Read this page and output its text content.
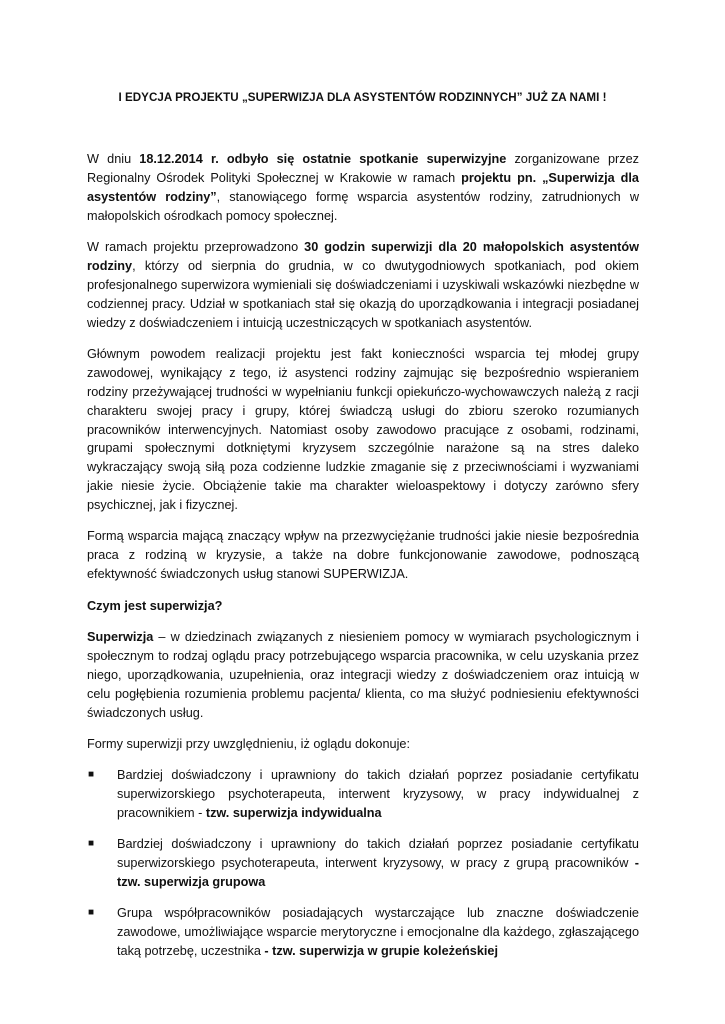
I EDYCJA PROJEKTU „SUPERWIZJA DLA ASYSTENTÓW RODZINNYCH” JUŻ ZA NAMI !

W dniu 18.12.2014 r. odbyło się ostatnie spotkanie superwizyjne zorganizowane przez Regionalny Ośrodek Polityki Społecznej w Krakowie w ramach projektu pn. „Superwizja dla asystentów rodziny”, stanowiącego formę wsparcia asystentów rodziny, zatrudnionych w małopolskich ośrodkach pomocy społecznej.

W ramach projektu przeprowadzono 30 godzin superwizji dla 20 małopolskich asystentów rodziny, którzy od sierpnia do grudnia, w co dwutygodniowych spotkaniach, pod okiem profesjonalnego superwizora wymieniali się doświadczeniami i uzyskiwali wskazówki niezbędne w codziennej pracy. Udział w spotkaniach stał się okazją do uporządkowania i integracji posiadanej wiedzy z doświadczeniem i intuicją uczestniczących w spotkaniach asystentów.

Głównym powodem realizacji projektu jest fakt konieczności wsparcia tej młodej grupy zawodowej, wynikający z tego, iż asystenci rodziny zajmując się bezpośrednio wspieraniem rodziny przeżywającej trudności w wypełnianiu funkcji opiekuńczo-wychowawczych należą z racji charakteru swojej pracy i grupy, której świadczą usługi do zbioru szeroko rozumianych pracowników interwencyjnych. Natomiast osoby zawodowo pracujące z osobami, rodzinami, grupami społecznymi dotkniętymi kryzysem szczególnie narażone są na stres daleko wykraczający swoją siłą poza codzienne ludzkie zmaganie się z przeciwnościami i wyzwaniami jakie niesie życie. Obciążenie takie ma charakter wieloaspektowy i dotyczy zarówno sfery psychicznej, jak i fizycznej.

Formą wsparcia mającą znaczący wpływ na przezwyciężanie trudności jakie niesie bezpośrednia praca z rodziną w kryzysie, a także na dobre funkcjonowanie zawodowe, podnoszącą efektywność świadczonych usług stanowi SUPERWIZJA.

Czym jest superwizja?

Superwizja – w dziedzinach związanych z niesieniem pomocy w wymiarach psychologicznym i społecznym to rodzaj oglądu pracy potrzebującego wsparcia pracownika, w celu uzyskania przez niego, uporządkowania, uzupełnienia, oraz integracji wiedzy z doświadczeniem oraz intuicją w celu pogłębienia rozumienia problemu pacjenta/ klienta, co ma służyć podniesieniu efektywności świadczonych usług.

Formy superwizji przy uwzględnieniu, iż oglądu dokonuje:

■ Bardziej doświadczony i uprawniony do takich działań poprzez posiadanie certyfikatu superwizorskiego psychoterapeuta, interwent kryzysowy, w pracy indywidualnej z pracownikiem - tzw. superwizja indywidualna
■ Bardziej doświadczony i uprawniony do takich działań poprzez posiadanie certyfikatu superwizorskiego psychoterapeuta, interwent kryzysowy, w pracy z grupą pracowników - tzw. superwizja grupowa
■ Grupa współpracowników posiadających wystarczające lub znaczne doświadczenie zawodowe, umożliwiające wsparcie merytoryczne i emocjonalne dla każdego, zgłaszającego taką potrzebę, uczestnika - tzw. superwizja w grupie koleżeńskiej
